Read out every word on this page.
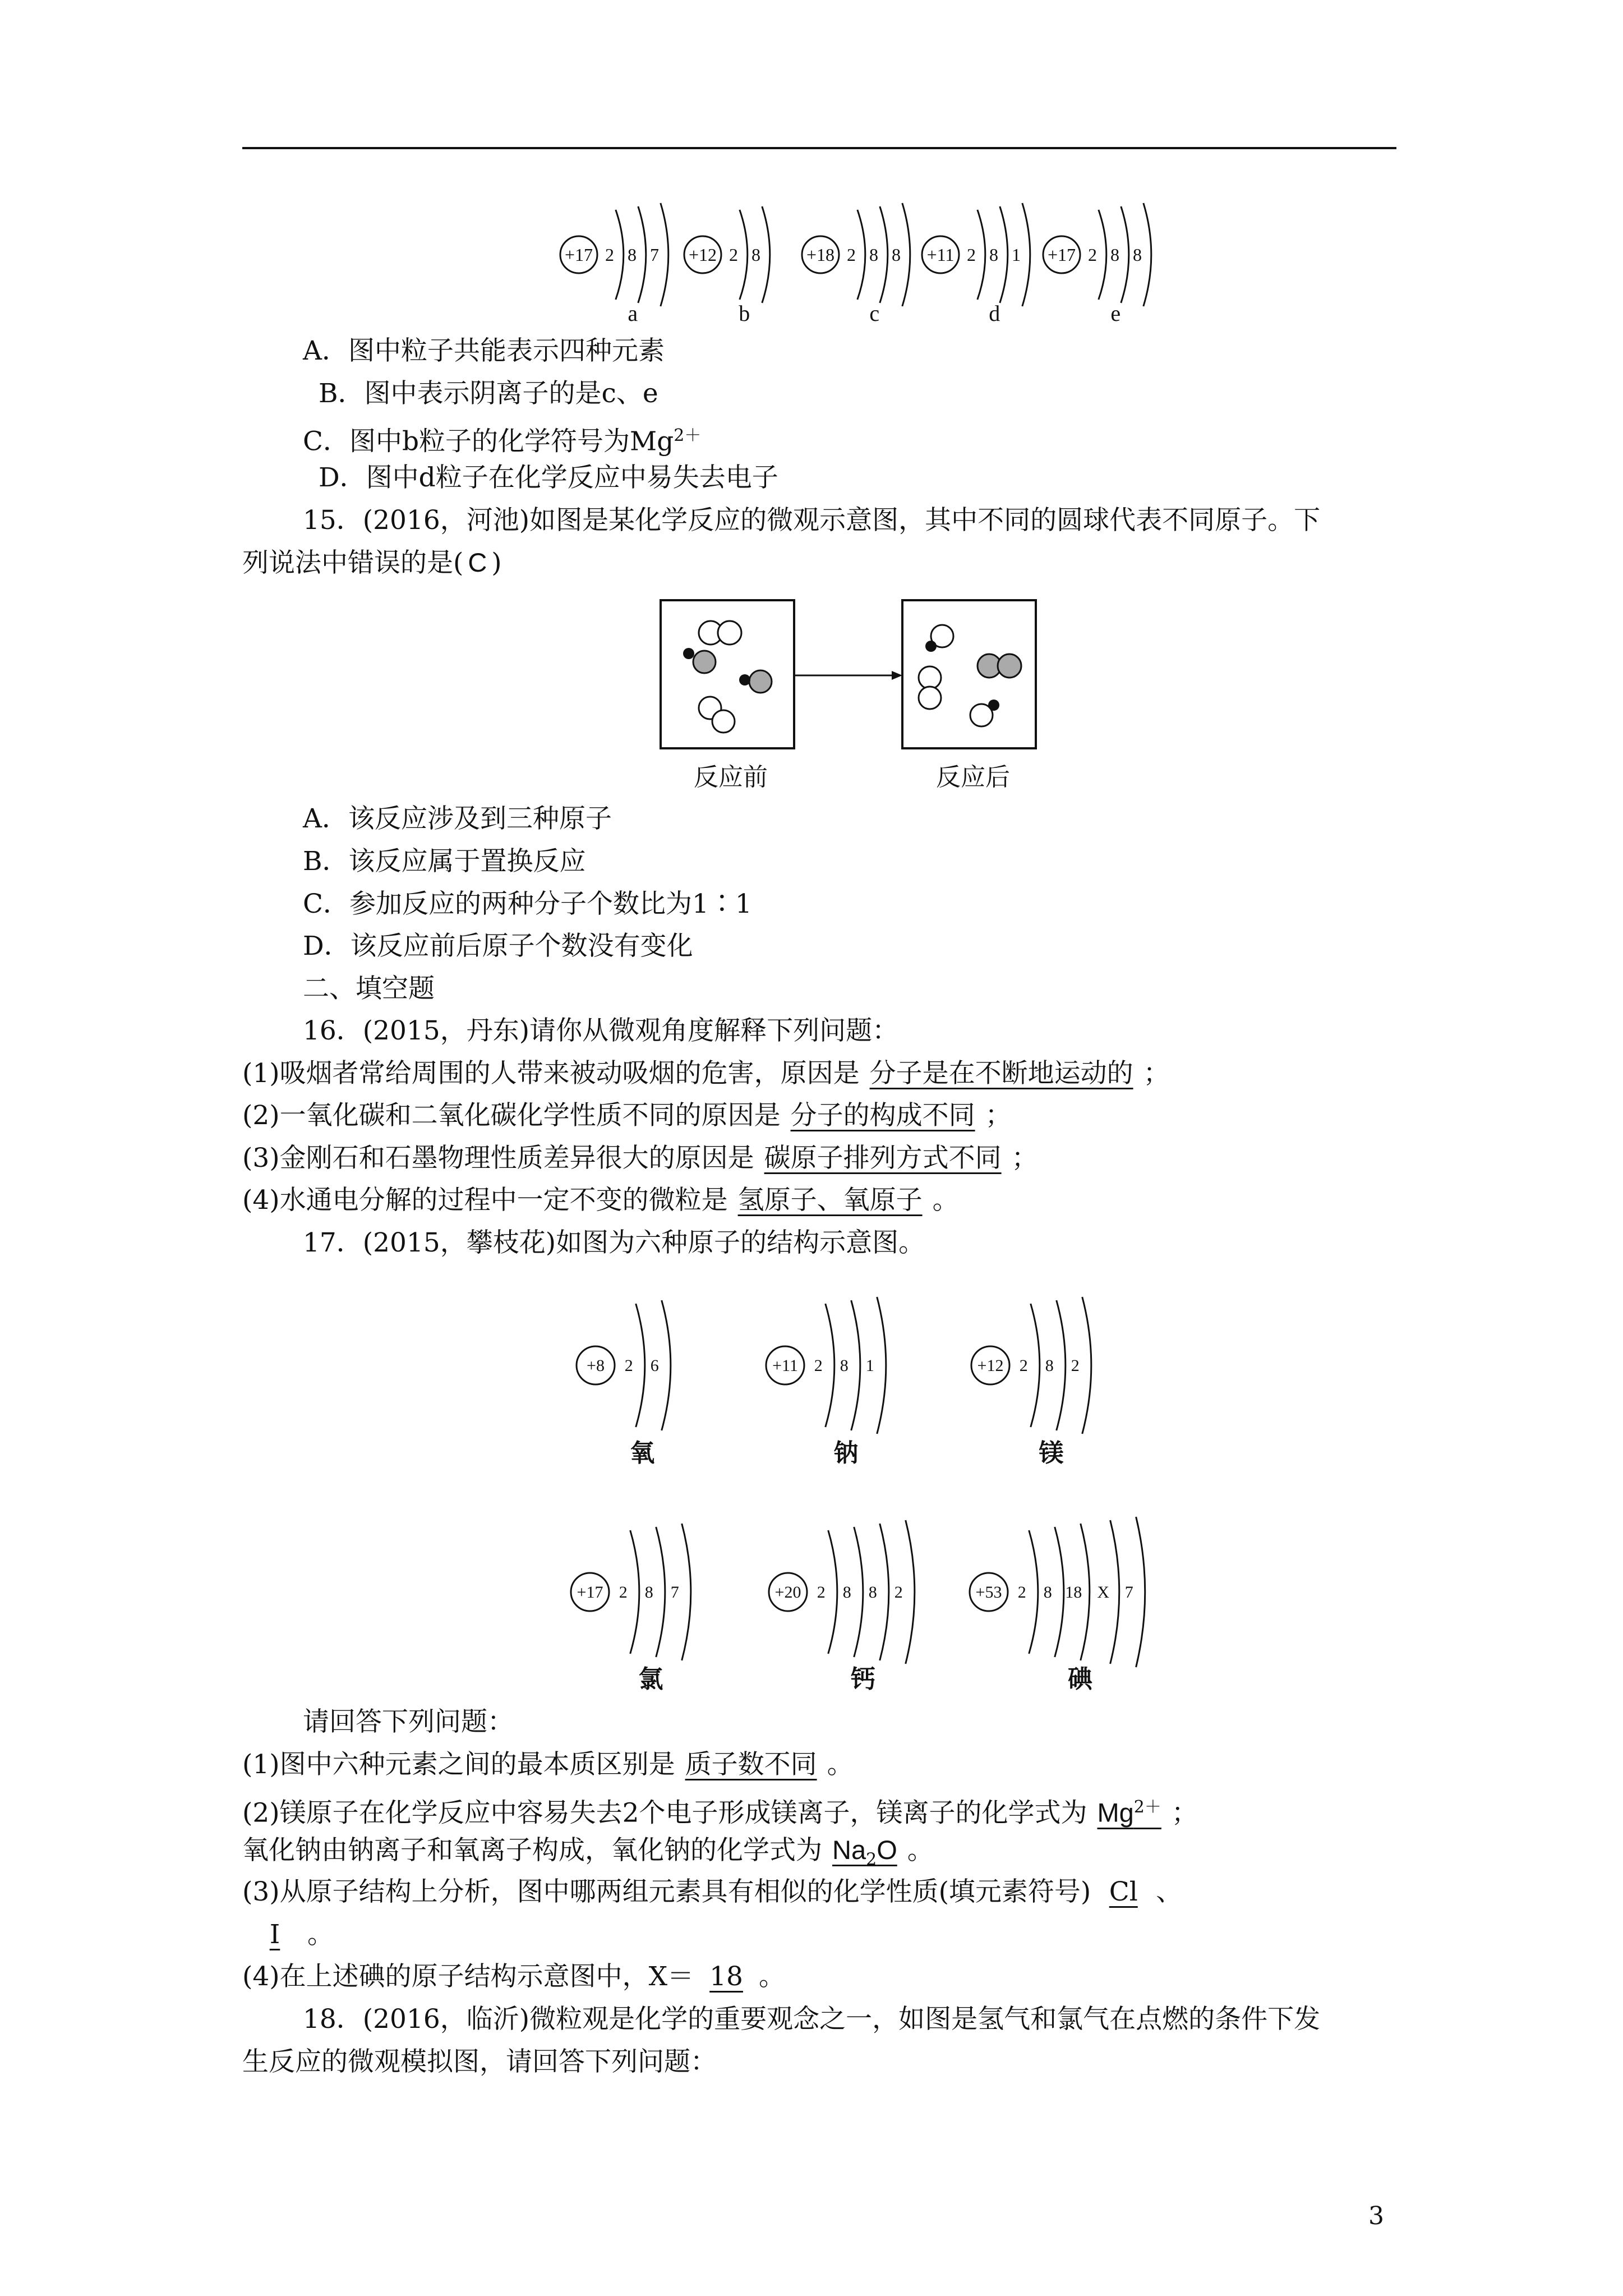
+17 2 8 7
a
+12 2 8
b
+18 2 8 8
c
+11 2 8 1
d
+17 2 8 8
e
A．图中粒子共能表示四种元素
B．图中表示阴离子的是c、e
C．图中b粒子的化学符号为$Mg^{2+}$
D．图中d粒子在化学反应中易失去电子
15．(2016，河池)如图是某化学反应的微观示意图，其中不同的圆球代表不同原子。下
列说法中错误的是( C )
反应前	反应后
A．该反应涉及到三种原子
B．该反应属于置换反应
C．参加反应的两种分子个数比为1∶1
D．该反应前后原子个数没有变化
二、填空题
16．(2015，丹东)请你从微观角度解释下列问题：
(1)吸烟者常给周围的人带来被动吸烟的危害，原因是 分子是在不断地运动的 ；
(2)一氧化碳和二氧化碳化学性质不同的原因是 分子的构成不同 ；
(3)金刚石和石墨物理性质差异很大的原因是 碳原子排列方式不同 ；
(4)水通电分解的过程中一定不变的微粒是 氢原子、氧原子 。
17．(2015，攀枝花)如图为六种原子的结构示意图。
+8 2 6
氧
+11 2 8 1
钠
+12 2 8 2
镁
+17 2 8 7
氯
+20 2 8 8 2
钙
+53 2 8 18 X 7
碘
请回答下列问题：
(1)图中六种元素之间的最本质区别是 质子数不同 。
(2)镁原子在化学反应中容易失去2个电子形成镁离子，镁离子的化学式为 $Mg^{2+}$ ；
氧化钠由钠离子和氧离子构成，氧化钠的化学式为 $Na_2O$ 。
(3)从原子结构上分析，图中哪两组元素具有相似的化学性质(填元素符号) Cl 、
I 。
(4)在上述碘的原子结构示意图中，X＝ 18 。
18．(2016，临沂)微粒观是化学的重要观念之一，如图是氢气和氯气在点燃的条件下发
生反应的微观模拟图，请回答下列问题：
3
